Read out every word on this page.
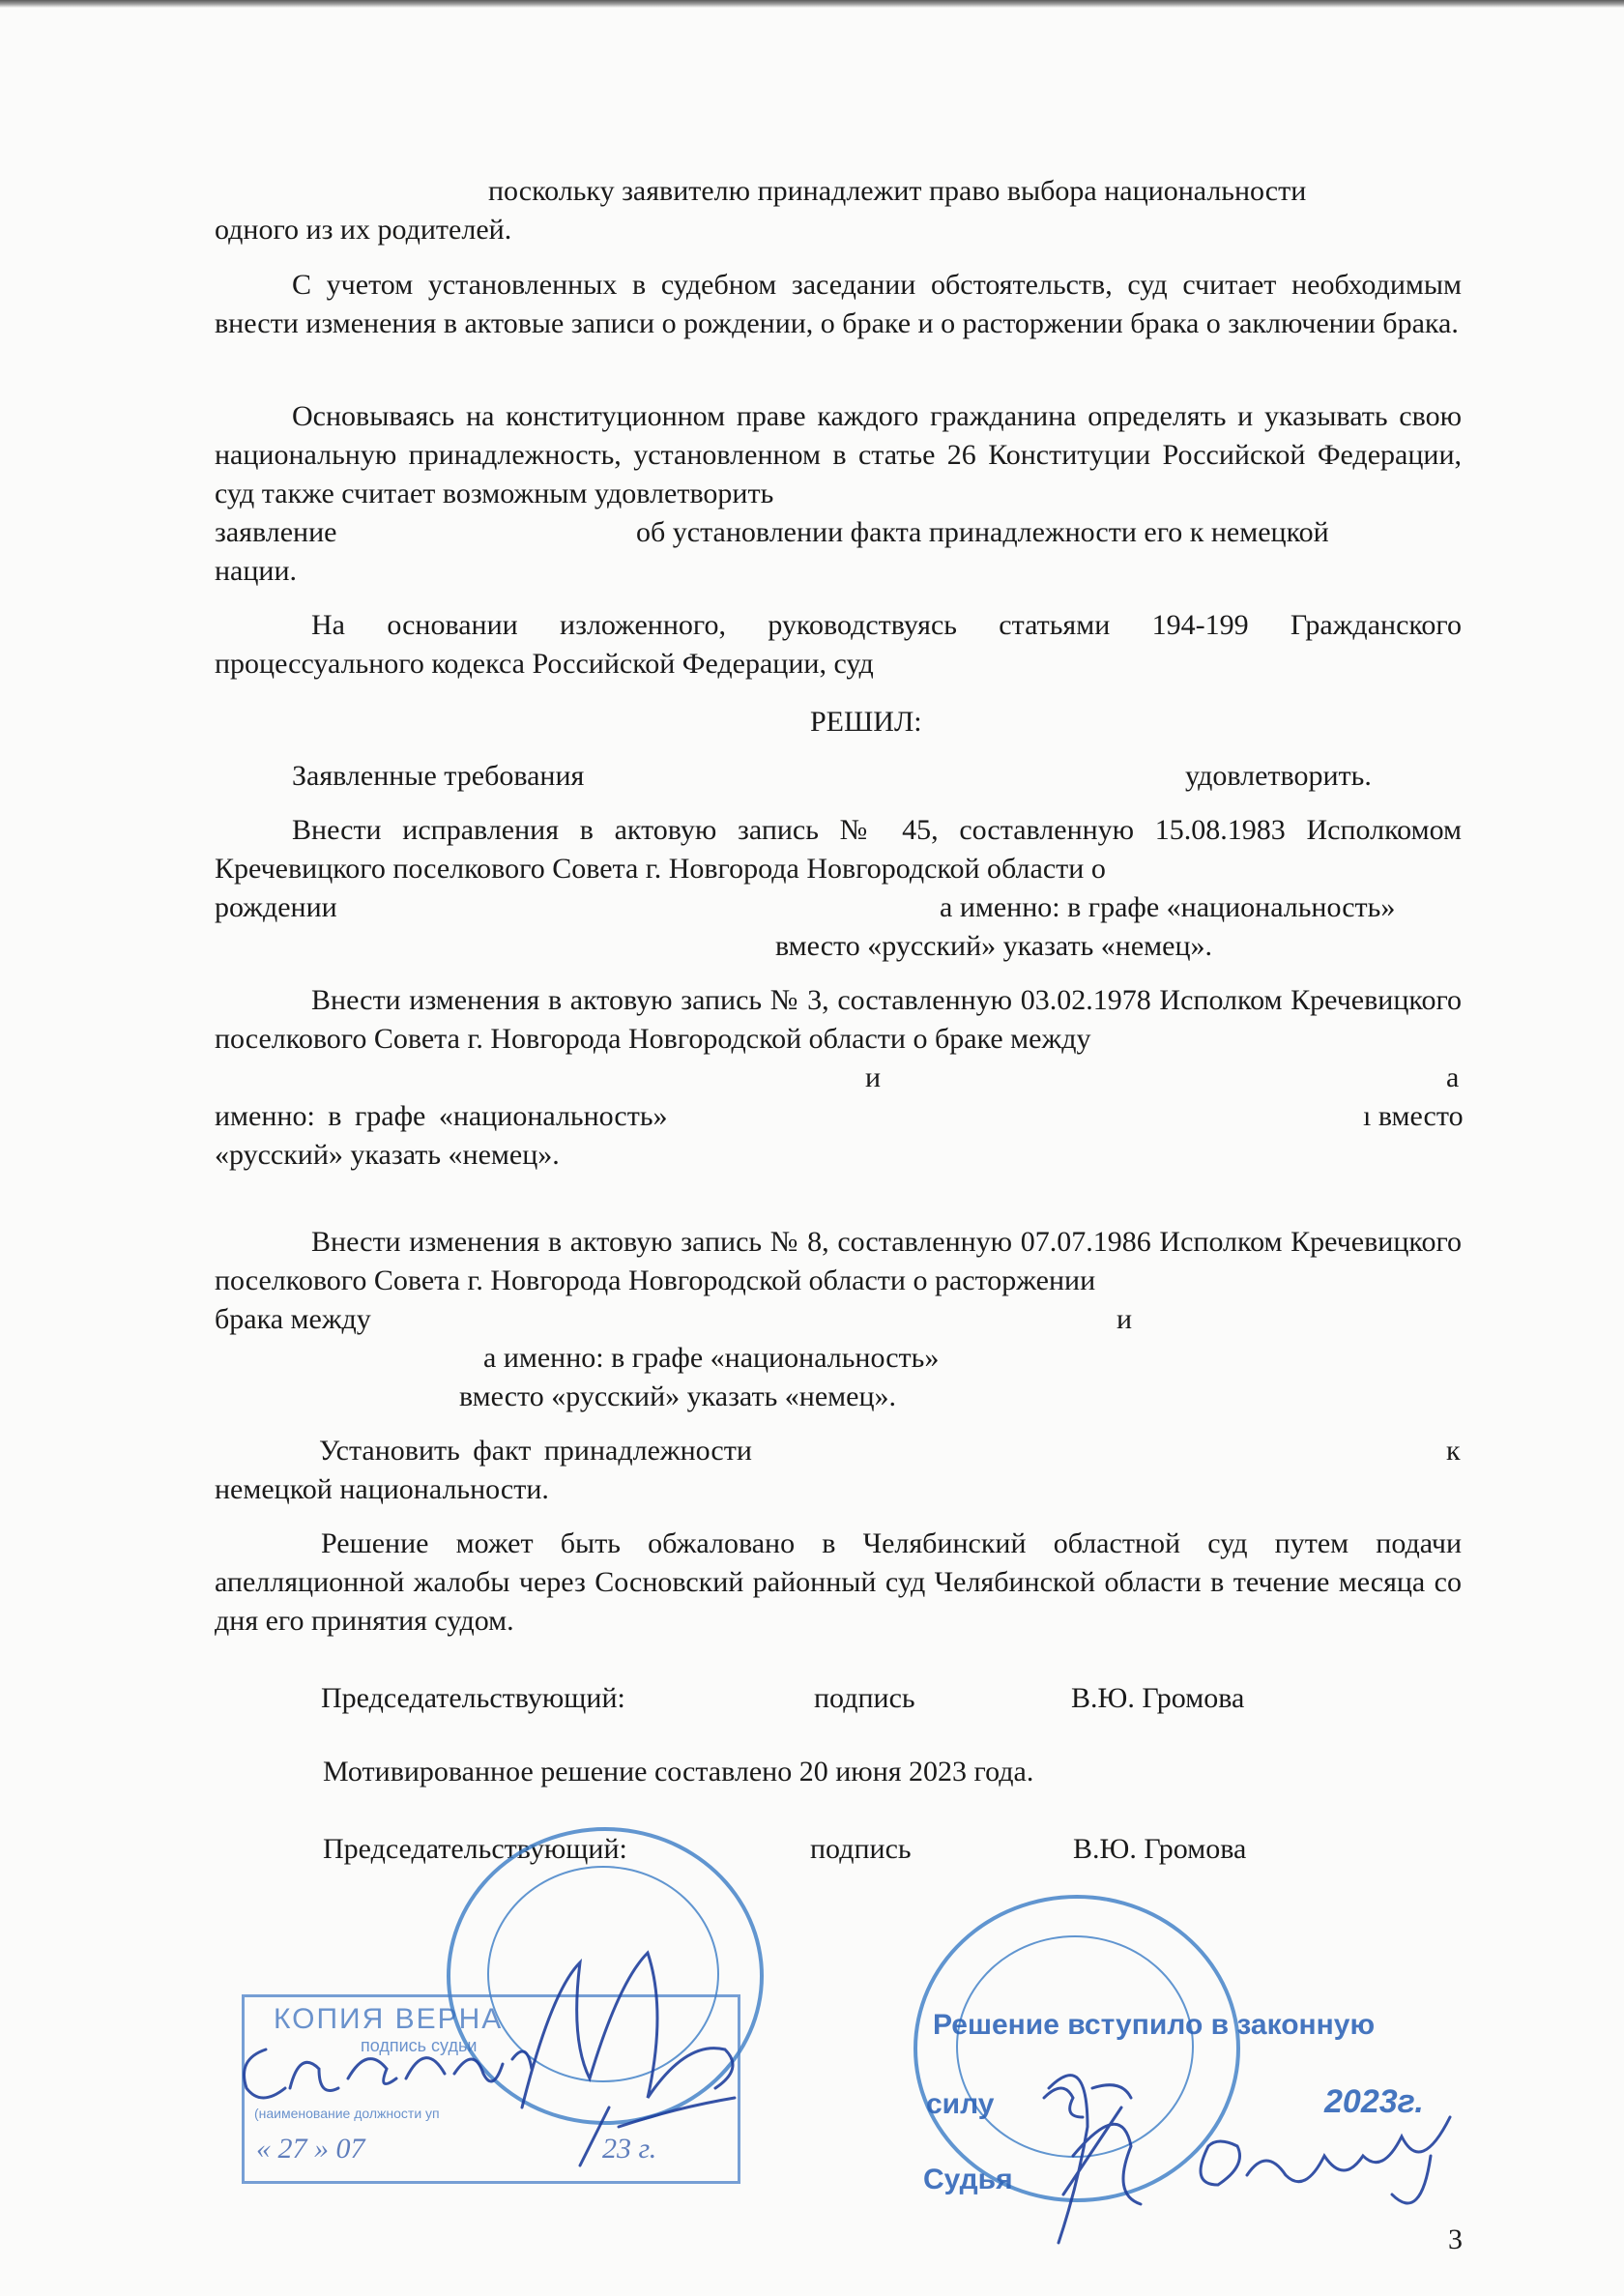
поскольку заявителю принадлежит право выбора национальности
одного из их родителей.

С учетом установленных в судебном заседании обстоятельств, суд считает необходимым внести изменения в актовые записи о рождении, о браке и о расторжении брака о заключении брака.

Основываясь на конституционном праве каждого гражданина определять и указывать свою национальную принадлежность, установленном в статье 26 Конституции Российской Федерации, суд также считает возможным удовлетворить

заявление	об установлении факта принадлежности его к немецкой
нации.

На основании изложенного, руководствуясь статьями 194-199 Гражданского процессуального кодекса Российской Федерации, суд

РЕШИЛ:
Заявленные требования	удовлетворить.

Внести исправления в актовую запись № 45, составленную 15.08.1983 Исполкомом Кречевицкого поселкового Совета г. Новгорода Новгородской области о

рождении	а именно: в графе «национальность»
вместо «русский» указать «немец».

Внести изменения в актовую запись № 3, составленную 03.02.1978 Исполком Кречевицкого поселкового Совета г. Новгорода Новгородской области о браке между

и	а
именно: в графе «национальность»	ı вместо
«русский» указать «немец».

Внести изменения в актовую запись № 8, составленную 07.07.1986 Исполком Кречевицкого поселкового Совета г. Новгорода Новгородской области о расторжении

брака между	и
а именно: в графе «национальность»
вместо «русский» указать «немец».
Установить факт принадлежности	к
немецкой национальности.

Решение может быть обжаловано в Челябинский областной суд путем подачи апелляционной жалобы через Сосновский районный суд Челябинской области в течение месяца со дня его принятия судом.

Председательствующий:	подпись	В.Ю. Громова
Мотивированное решение составлено 20 июня 2023 года.
Председательствующий:	подпись	В.Ю. Громова
КОПИЯ ВЕРНА
подпись судьи
(наименование должности уп
« 27 » 07	23 г.
Решение вступило в законную
силу	2023г.
Судья
3
